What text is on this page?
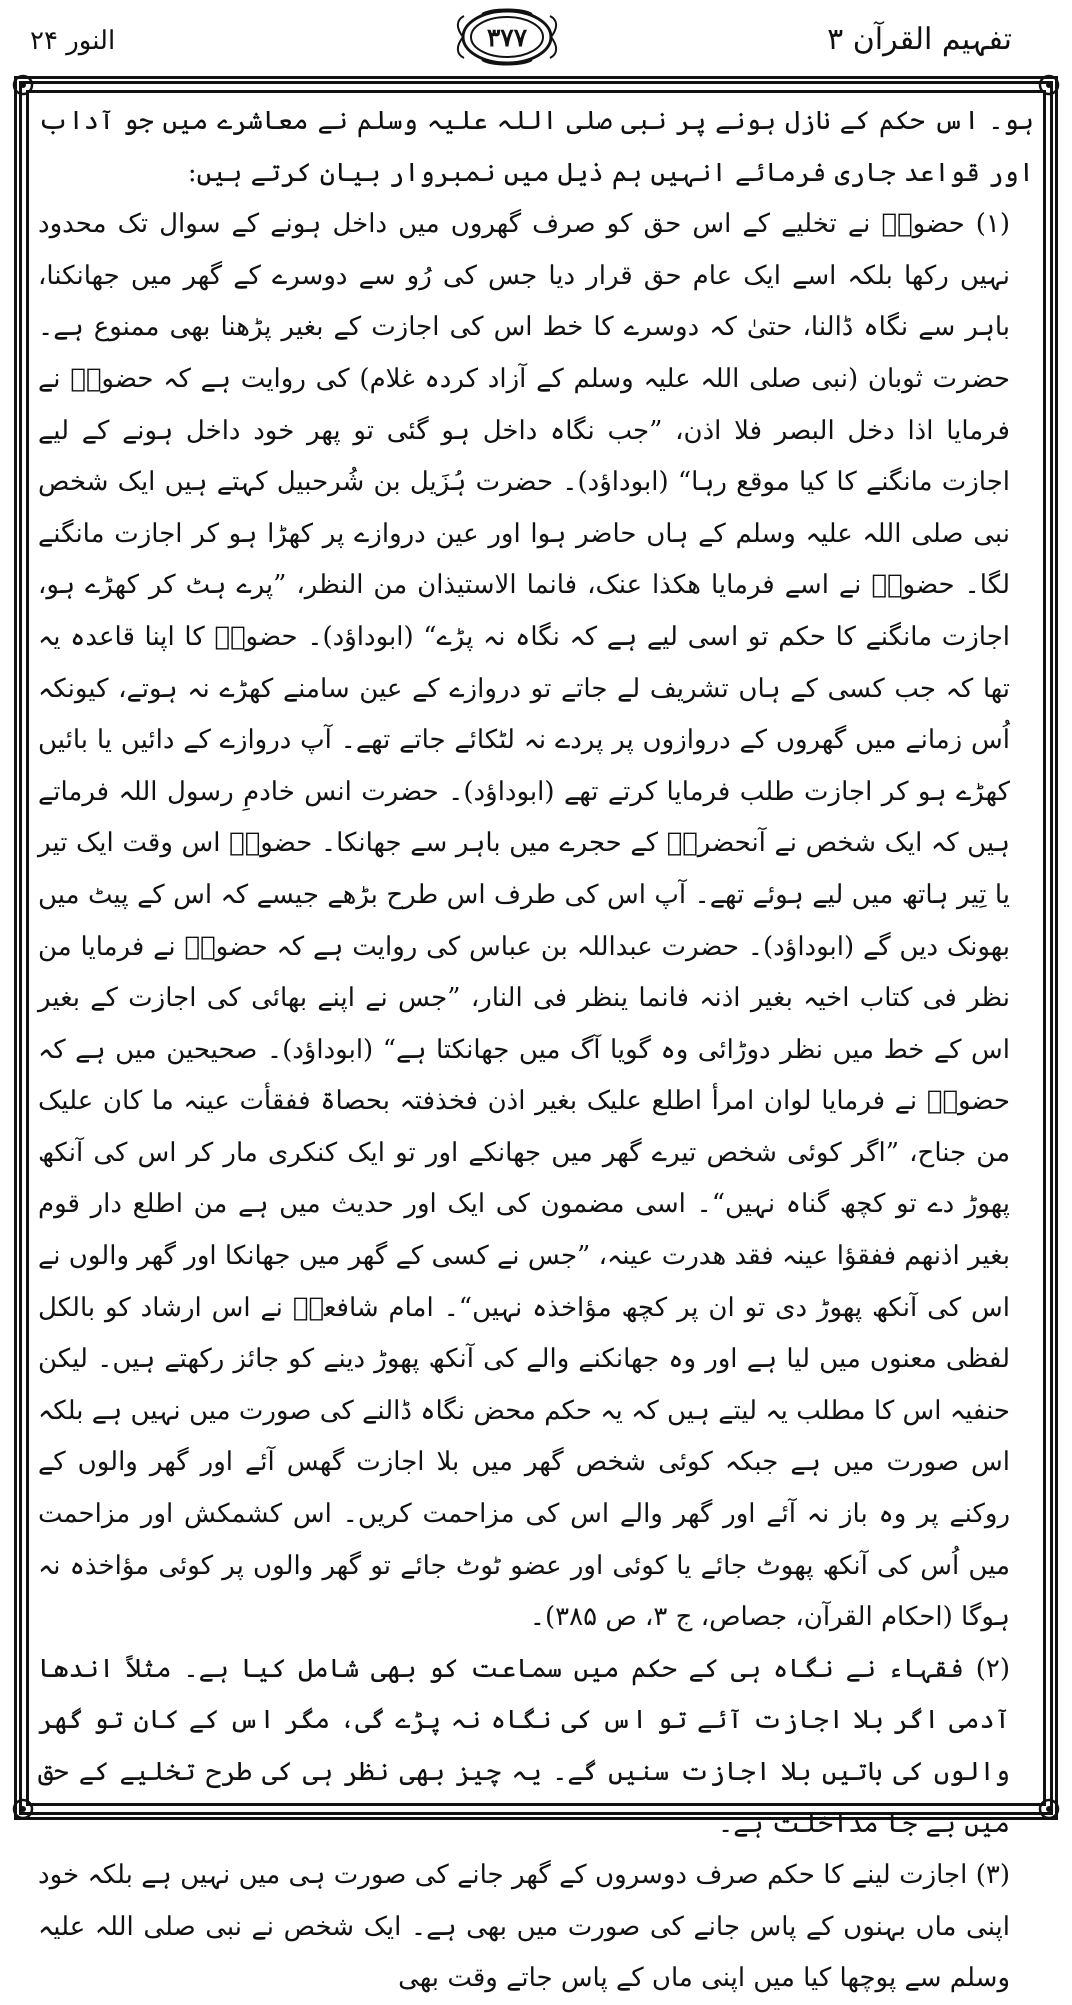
النور ۲۴	۳۷۷	تفہیم القرآن ۳

ہو۔ اس حکم کے نازل ہونے پر نبی صلی اللہ علیہ وسلم نے معاشرے میں جو آداب اور قواعد جاری فرمائے انہیں ہم ذیل میں نمبروار بیان کرتے ہیں:

(۱) حضورؐ نے تخلیے کے اس حق کو صرف گھروں میں داخل ہونے کے سوال تک محدود نہیں رکھا بلکہ اسے ایک عام حق قرار دیا جس کی رُو سے دوسرے کے گھر میں جھانکنا، باہر سے نگاہ ڈالنا، حتیٰ کہ دوسرے کا خط اس کی اجازت کے بغیر پڑھنا بھی ممنوع ہے۔ حضرت ثوبان (نبی صلی اللہ علیہ وسلم کے آزاد کردہ غلام) کی روایت ہے کہ حضورؐ نے فرمایا اذا دخل البصر فلا اذن، ”جب نگاہ داخل ہو گئی تو پھر خود داخل ہونے کے لیے اجازت مانگنے کا کیا موقع رہا“ (ابوداؤد)۔ حضرت ہُزَیل بن شُرحبیل کہتے ہیں ایک شخص نبی صلی اللہ علیہ وسلم کے ہاں حاضر ہوا اور عین دروازے پر کھڑا ہو کر اجازت مانگنے لگا۔ حضورؐ نے اسے فرمایا ھکذا عنک، فانما الاستیذان من النظر، ”پرے ہٹ کر کھڑے ہو، اجازت مانگنے کا حکم تو اسی لیے ہے کہ نگاہ نہ پڑے“ (ابوداؤد)۔ حضورؐ کا اپنا قاعدہ یہ تھا کہ جب کسی کے ہاں تشریف لے جاتے تو دروازے کے عین سامنے کھڑے نہ ہوتے، کیونکہ اُس زمانے میں گھروں کے دروازوں پر پردے نہ لٹکائے جاتے تھے۔ آپ دروازے کے دائیں یا بائیں کھڑے ہو کر اجازت طلب فرمایا کرتے تھے (ابوداؤد)۔ حضرت انس خادمِ رسول اللہ فرماتے ہیں کہ ایک شخص نے آنحضرتؐ کے حجرے میں باہر سے جھانکا۔ حضورؐ اس وقت ایک تیر یا تِیر ہاتھ میں لیے ہوئے تھے۔ آپ اس کی طرف اس طرح بڑھے جیسے کہ اس کے پیٹ میں بھونک دیں گے (ابوداؤد)۔ حضرت عبداللہ بن عباس کی روایت ہے کہ حضورؐ نے فرمایا من نظر فی کتاب اخیہ بغیر اذنہ فانما ینظر فی النار، ”جس نے اپنے بھائی کی اجازت کے بغیر اس کے خط میں نظر دوڑائی وہ گویا آگ میں جھانکتا ہے“ (ابوداؤد)۔ صحیحین میں ہے کہ حضورؐ نے فرمایا لوان امرأ اطلع علیک بغیر اذن فخذفتہ بحصاۃ ففقأت عینہ ما کان علیک من جناح، ”اگر کوئی شخص تیرے گھر میں جھانکے اور تو ایک کنکری مار کر اس کی آنکھ پھوڑ دے تو کچھ گناہ نہیں“۔ اسی مضمون کی ایک اور حدیث میں ہے من اطلع دار قوم بغیر اذنھم ففقؤا عینہ فقد ھدرت عینہ، ”جس نے کسی کے گھر میں جھانکا اور گھر والوں نے اس کی آنکھ پھوڑ دی تو ان پر کچھ مؤاخذہ نہیں“۔ امام شافعیؒ نے اس ارشاد کو بالکل لفظی معنوں میں لیا ہے اور وہ جھانکنے والے کی آنکھ پھوڑ دینے کو جائز رکھتے ہیں۔ لیکن حنفیہ اس کا مطلب یہ لیتے ہیں کہ یہ حکم محض نگاہ ڈالنے کی صورت میں نہیں ہے بلکہ اس صورت میں ہے جبکہ کوئی شخص گھر میں بلا اجازت گھس آئے اور گھر والوں کے روکنے پر وہ باز نہ آئے اور گھر والے اس کی مزاحمت کریں۔ اس کشمکش اور مزاحمت میں اُس کی آنکھ پھوٹ جائے یا کوئی اور عضو ٹوٹ جائے تو گھر والوں پر کوئی مؤاخذہ نہ ہوگا (احکام القرآن، جصاص، ج ۳، ص ۳۸۵)۔

(۲) فقہاء نے نگاہ ہی کے حکم میں سماعت کو بھی شامل کیا ہے۔ مثلاً اندھا آدمی اگر بلا اجازت آئے تو اس کی نگاہ نہ پڑے گی، مگر اس کے کان تو گھر والوں کی باتیں بلا اجازت سنیں گے۔ یہ چیز بھی نظر ہی کی طرح تخلیے کے حق میں بے جا مداخلت ہے۔

(۳) اجازت لینے کا حکم صرف دوسروں کے گھر جانے کی صورت ہی میں نہیں ہے بلکہ خود اپنی ماں بہنوں کے پاس جانے کی صورت میں بھی ہے۔ ایک شخص نے نبی صلی اللہ علیہ وسلم سے پوچھا کیا میں اپنی ماں کے پاس جاتے وقت بھی
